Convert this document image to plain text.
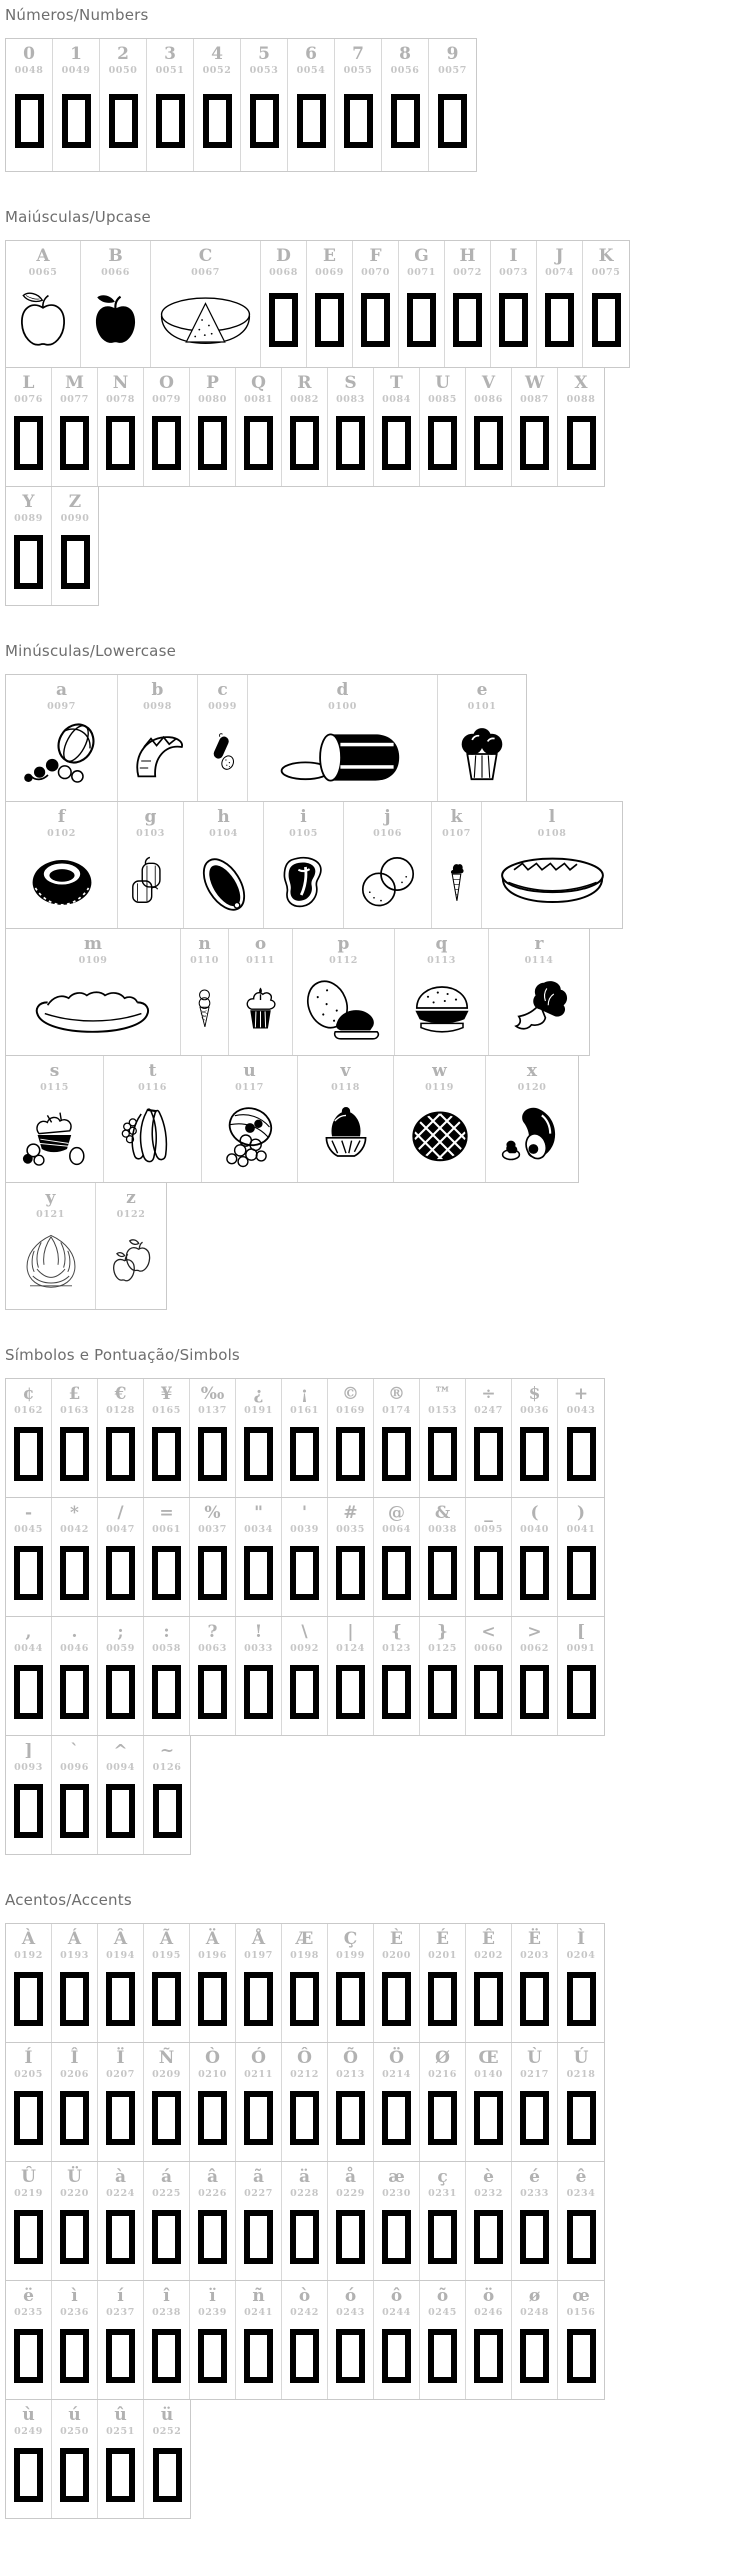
Números/Numbers
0
0048
1
0049
2
0050
3
0051
4
0052
5
0053
6
0054
7
0055
8
0056
9
0057
Maiúsculas/Upcase
A
0065
B
0066
C
0067
D
0068
E
0069
F
0070
G
0071
H
0072
I
0073
J
0074
K
0075
L
0076
M
0077
N
0078
O
0079
P
0080
Q
0081
R
0082
S
0083
T
0084
U
0085
V
0086
W
0087
X
0088
Y
0089
Z
0090
Minúsculas/Lowercase
a
0097
b
0098
c
0099
d
0100
e
0101
f
0102
g
0103
h
0104
i
0105
j
0106
k
0107
l
0108
m
0109
n
0110
o
0111
p
0112
q
0113
r
0114
s
0115
t
0116
u
0117
v
0118
w
0119
x
0120
y
0121
z
0122
Símbolos e Pontuação/Simbols
¢
0162
£
0163
€
0128
¥
0165
‰
0137
¿
0191
¡
0161
©
0169
®
0174
™
0153
÷
0247
$
0036
+
0043
-
0045
*
0042
/
0047
=
0061
%
0037
"
0034
'
0039
#
0035
@
0064
&
0038
_
0095
(
0040
)
0041
,
0044
.
0046
;
0059
:
0058
?
0063
!
0033
\
0092
|
0124
{
0123
}
0125
<
0060
>
0062
[
0091
]
0093
`
0096
^
0094
~
0126
Acentos/Accents
À
0192
Á
0193
Â
0194
Ã
0195
Ä
0196
Å
0197
Æ
0198
Ç
0199
È
0200
É
0201
Ê
0202
Ë
0203
Ì
0204
Í
0205
Î
0206
Ï
0207
Ñ
0209
Ò
0210
Ó
0211
Ô
0212
Õ
0213
Ö
0214
Ø
0216
Œ
0140
Ù
0217
Ú
0218
Û
0219
Ü
0220
à
0224
á
0225
â
0226
ã
0227
ä
0228
å
0229
æ
0230
ç
0231
è
0232
é
0233
ê
0234
ë
0235
ì
0236
í
0237
î
0238
ï
0239
ñ
0241
ò
0242
ó
0243
ô
0244
õ
0245
ö
0246
ø
0248
œ
0156
ù
0249
ú
0250
û
0251
ü
0252
